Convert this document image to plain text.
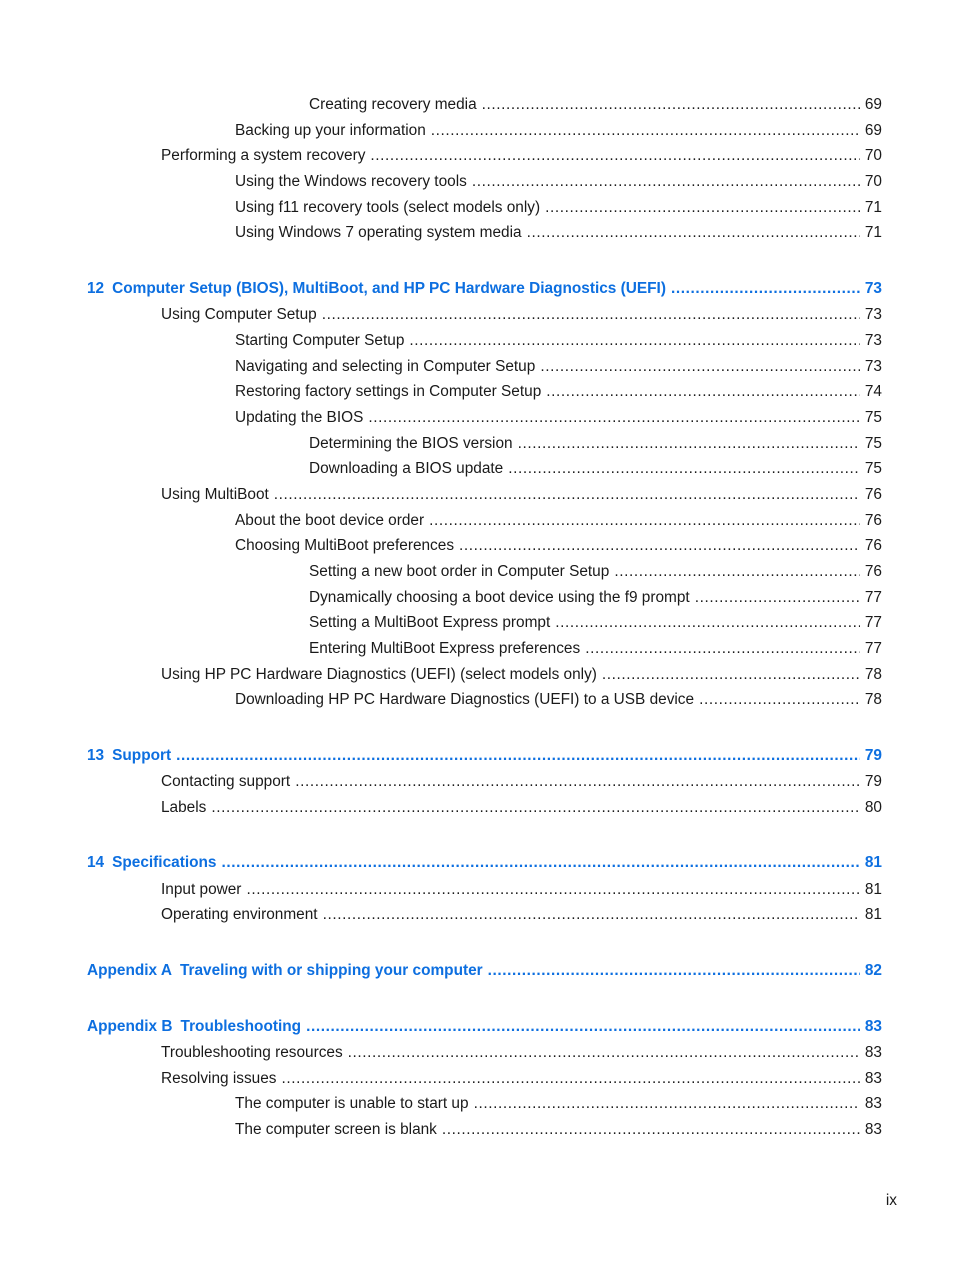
Creating recovery media .....	69
Backing up your information .....	69
Performing a system recovery .....	70
Using the Windows recovery tools .....	70
Using f11 recovery tools (select models only) .....	71
Using Windows 7 operating system media .....	71
12 Computer Setup (BIOS), MultiBoot, and HP PC Hardware Diagnostics (UEFI) .....	73
Using Computer Setup .....	73
Starting Computer Setup .....	73
Navigating and selecting in Computer Setup .....	73
Restoring factory settings in Computer Setup .....	74
Updating the BIOS .....	75
Determining the BIOS version .....	75
Downloading a BIOS update .....	75
Using MultiBoot .....	76
About the boot device order .....	76
Choosing MultiBoot preferences .....	76
Setting a new boot order in Computer Setup .....	76
Dynamically choosing a boot device using the f9 prompt .....	77
Setting a MultiBoot Express prompt .....	77
Entering MultiBoot Express preferences .....	77
Using HP PC Hardware Diagnostics (UEFI) (select models only) .....	78
Downloading HP PC Hardware Diagnostics (UEFI) to a USB device .....	78
13 Support .....	79
Contacting support .....	79
Labels .....	80
14 Specifications .....	81
Input power .....	81
Operating environment .....	81
Appendix A Traveling with or shipping your computer .....	82
Appendix B Troubleshooting .....	83
Troubleshooting resources .....	83
Resolving issues .....	83
The computer is unable to start up .....	83
The computer screen is blank .....	83
ix
